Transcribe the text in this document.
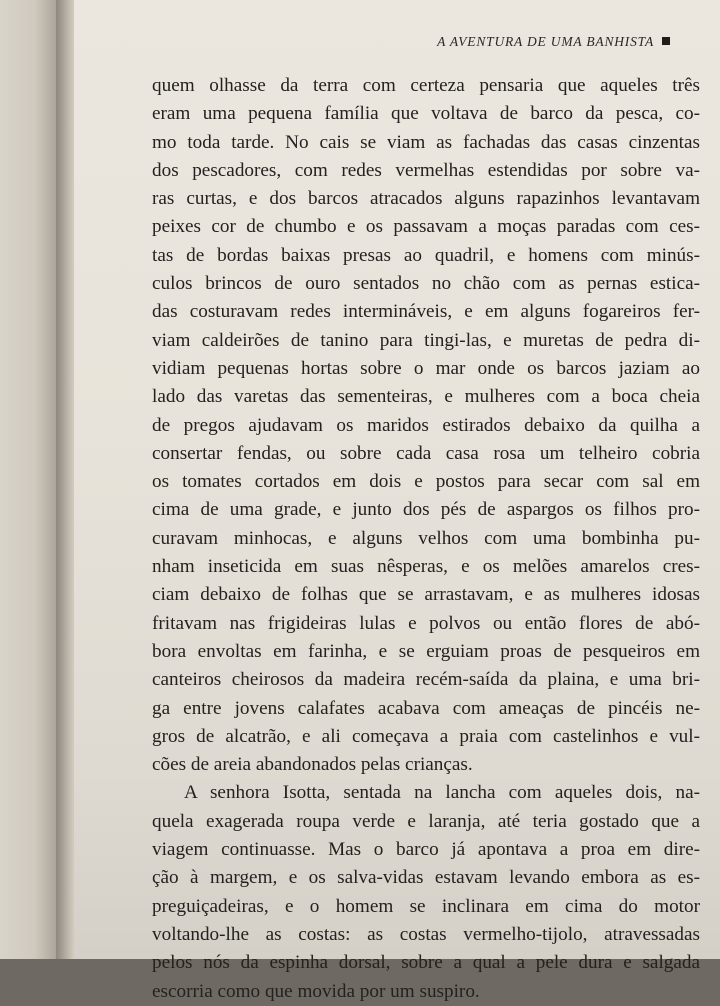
A AVENTURA DE UMA BANHISTA
quem olhasse da terra com certeza pensaria que aqueles três
eram uma pequena família que voltava de barco da pesca, co-
mo toda tarde. No cais se viam as fachadas das casas cinzentas
dos pescadores, com redes vermelhas estendidas por sobre va-
ras curtas, e dos barcos atracados alguns rapazinhos levantavam
peixes cor de chumbo e os passavam a moças paradas com ces-
tas de bordas baixas presas ao quadril, e homens com minús-
culos brincos de ouro sentados no chão com as pernas estica-
das costuravam redes intermináveis, e em alguns fogareiros fer-
viam caldeirões de tanino para tingi-las, e muretas de pedra di-
vidiam pequenas hortas sobre o mar onde os barcos jaziam ao
lado das varetas das sementeiras, e mulheres com a boca cheia
de pregos ajudavam os maridos estirados debaixo da quilha a
consertar fendas, ou sobre cada casa rosa um telheiro cobria
os tomates cortados em dois e postos para secar com sal em
cima de uma grade, e junto dos pés de aspargos os filhos pro-
curavam minhocas, e alguns velhos com uma bombinha pu-
nham inseticida em suas nêsperas, e os melões amarelos cres-
ciam debaixo de folhas que se arrastavam, e as mulheres idosas
fritavam nas frigideiras lulas e polvos ou então flores de abó-
bora envoltas em farinha, e se erguiam proas de pesqueiros em
canteiros cheirosos da madeira recém-saída da plaina, e uma bri-
ga entre jovens calafates acabava com ameaças de pincéis ne-
gros de alcatrão, e ali começava a praia com castelinhos e vul-
cões de areia abandonados pelas crianças.
A senhora Isotta, sentada na lancha com aqueles dois, na-
quela exagerada roupa verde e laranja, até teria gostado que a
viagem continuasse. Mas o barco já apontava a proa em dire-
ção à margem, e os salva-vidas estavam levando embora as es-
preguiçadeiras, e o homem se inclinara em cima do motor
voltando-lhe as costas: as costas vermelho-tijolo, atravessadas
pelos nós da espinha dorsal, sobre a qual a pele dura e salgada
escorria como que movida por um suspiro.
